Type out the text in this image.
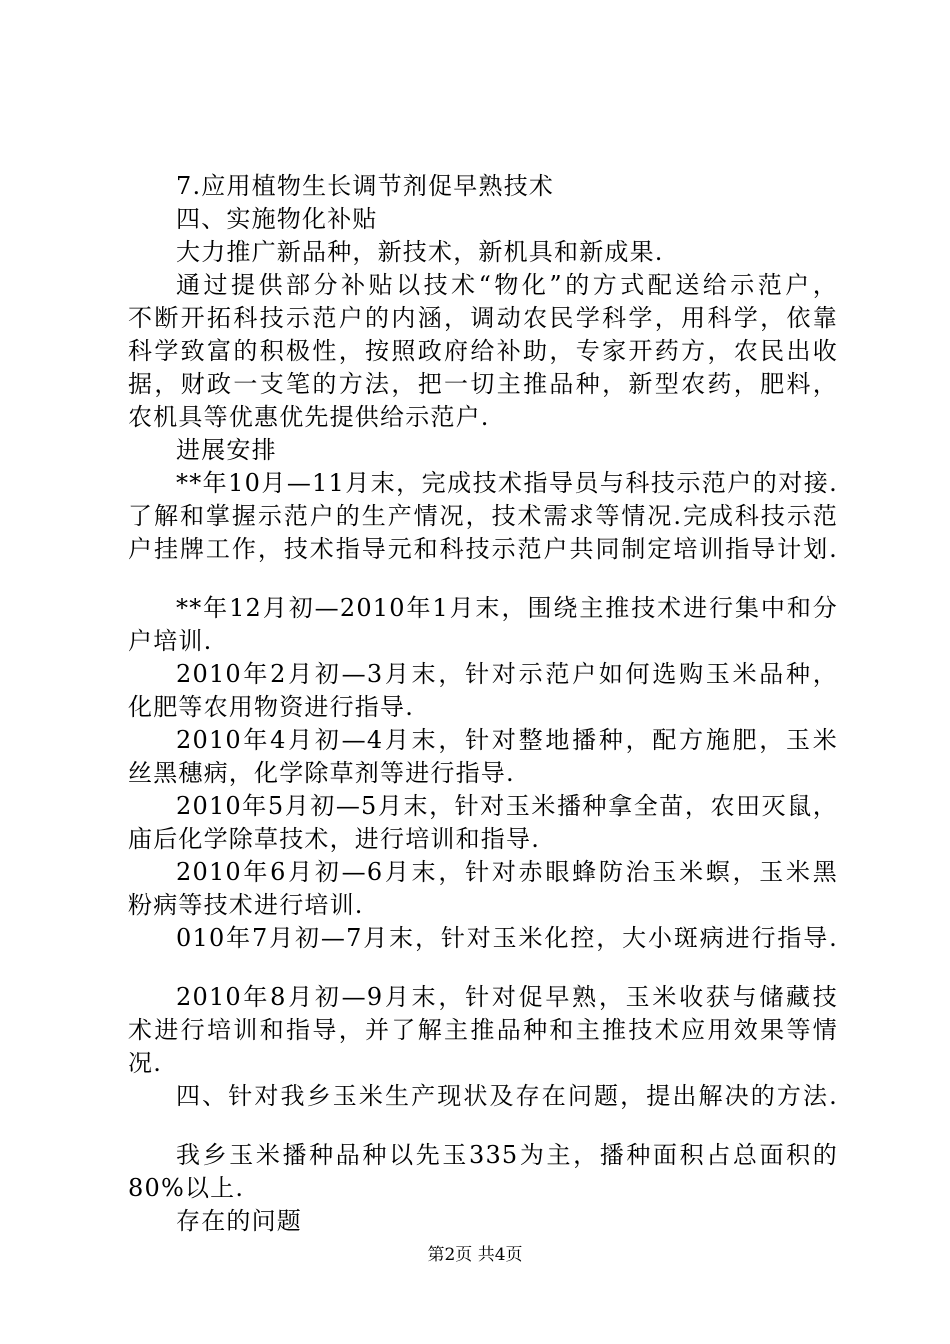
7.应用植物生长调节剂促早熟技术
四、实施物化补贴
大力推广新品种，新技术，新机具和新成果.
通过提供部分补贴以技术“物化”的方式配送给示范户，
不断开拓科技示范户的内涵，调动农民学科学，用科学，依靠
科学致富的积极性，按照政府给补助，专家开药方，农民出收
据，财政一支笔的方法，把一切主推品种，新型农药，肥料，
农机具等优惠优先提供给示范户.
进展安排
**年10月—11月末，完成技术指导员与科技示范户的对接.
了解和掌握示范户的生产情况，技术需求等情况.完成科技示范
户挂牌工作，技术指导元和科技示范户共同制定培训指导计划.
**年12月初—2010年1月末，围绕主推技术进行集中和分
户培训.
2010年2月初—3月末，针对示范户如何选购玉米品种，
化肥等农用物资进行指导.
2010年4月初—4月末，针对整地播种，配方施肥，玉米
丝黑穗病，化学除草剂等进行指导.
2010年5月初—5月末，针对玉米播种拿全苗，农田灭鼠，
庙后化学除草技术，进行培训和指导.
2010年6月初—6月末，针对赤眼蜂防治玉米螟，玉米黑
粉病等技术进行培训.
010年7月初—7月末，针对玉米化控，大小斑病进行指导.
2010年8月初—9月末，针对促早熟，玉米收获与储藏技
术进行培训和指导，并了解主推品种和主推技术应用效果等情
况.
四、针对我乡玉米生产现状及存在问题，提出解决的方法.
我乡玉米播种品种以先玉335为主，播种面积占总面积的
80%以上.
存在的问题
第2页 共4页
